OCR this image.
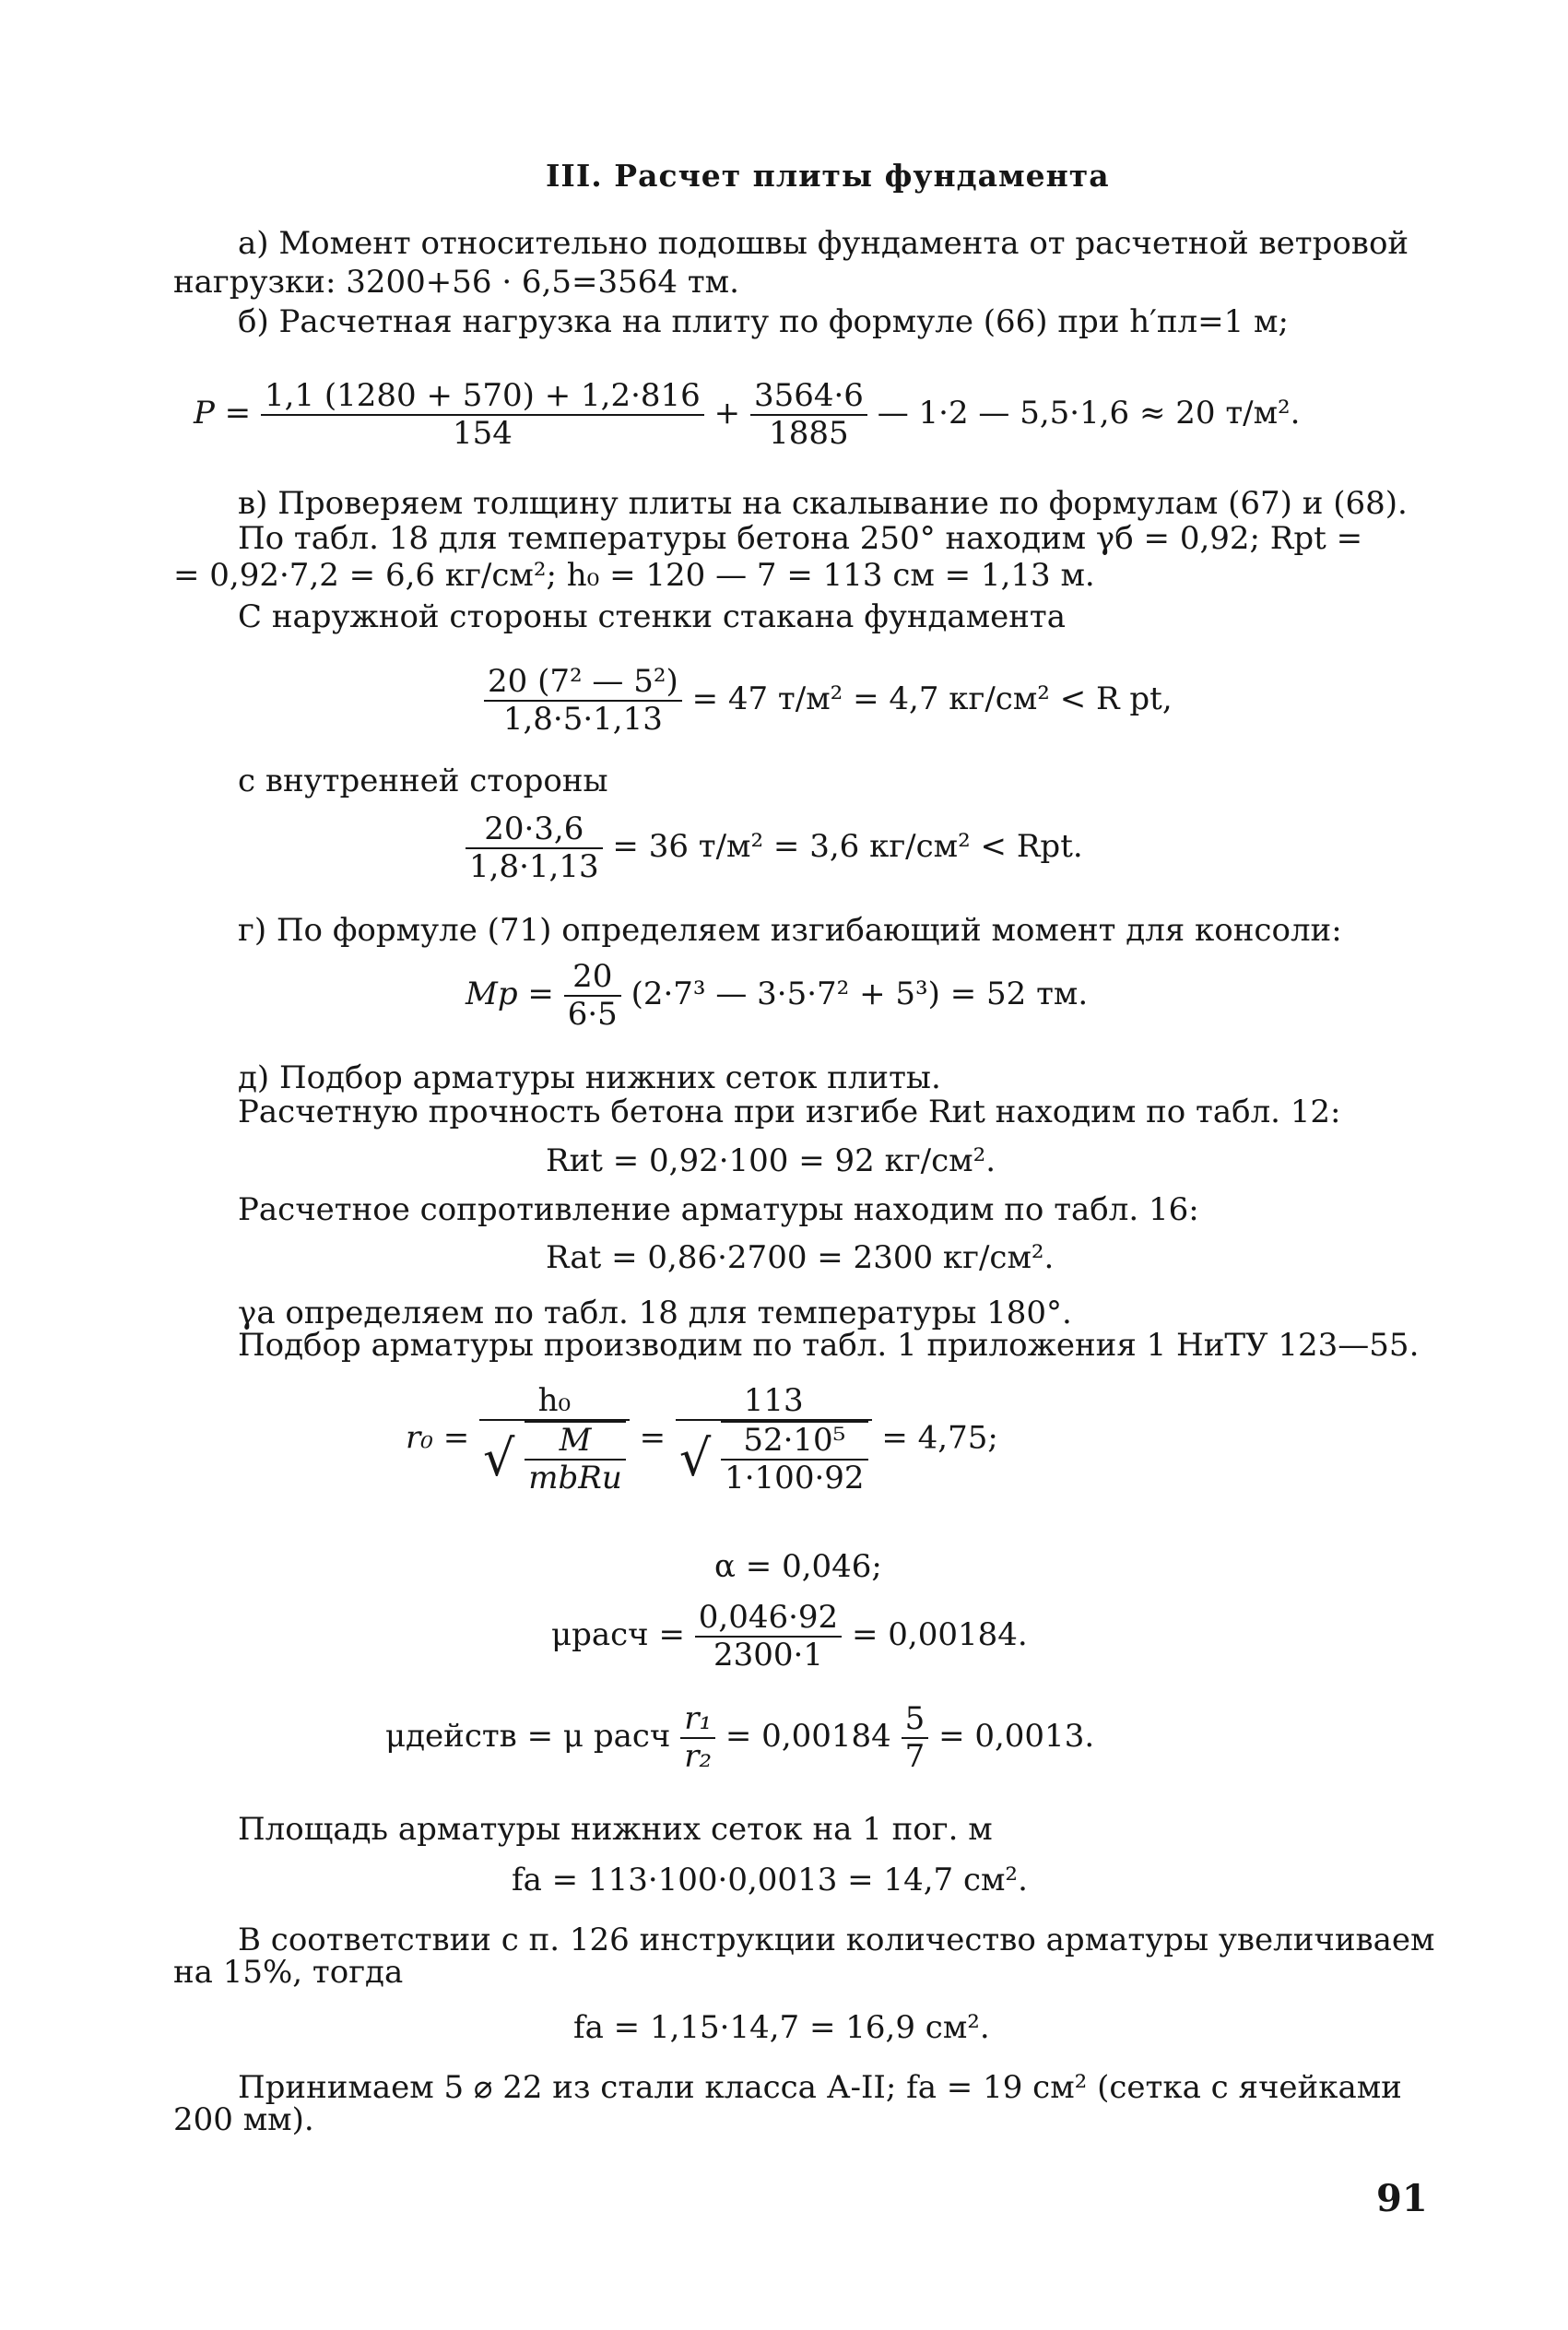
III. Расчет плиты фундамента
а) Момент относительно подошвы фундамента от расчетной ветровой
нагрузки: 3200+56 · 6,5=3564 тм.
б) Расчетная нагрузка на плиту по формуле (66) при h′пл=1 м;
$P = \frac{1,1 (1280 + 570) + 1,2\cdot 816}{154} + \frac{3564\cdot 6}{1885}$ — 1·2 — 5,5·1,6 ≈ 20 т/м².
в) Проверяем толщину плиты на скалывание по формулам (67) и (68).
По табл. 18 для температуры бетона 250° находим γб = 0,92; Rpt =
= 0,92·7,2 = 6,6 кг/см²; h₀ = 120 — 7 = 113 см = 1,13 м.
С наружной стороны стенки стакана фундамента
$\frac{\text{20 (7² — 5²)}}{1,8\cdot 5\cdot 1,13} = 47$ т/м² = 4,7 кг/см² < R pt,
с внутренней стороны
$\frac{20\cdot 3,6}{1,8\cdot 1,13} = 36$ т/м² = 3,6 кг/см² < Rpt.
г) По формуле (71) определяем изгибающий момент для консоли:
$Mp = \frac{20}{6\cdot 5} (2\cdot 7^3$ — 3·5·7² + 5³) = 52 тм.
д) Подбор арматуры нижних сеток плиты.
Расчетную прочность бетона при изгибе Rиt находим по табл. 12:
Rиt = 0,92·100 = 92 кг/см².
Расчетное сопротивление арматуры находим по табл. 16:
Rat = 0,86·2700 = 2300 кг/см².
γа определяем по табл. 18 для температуры 180°.
Подбор арматуры производим по табл. 1 приложения 1 НиТУ 123—55.
$r_0 = \frac{\text{h₀}}{√ \frac{M}{\text{mbRи}}} = \frac{113}{√ \frac{\text{52·10⁵}}{1\cdot 100\cdot 92}} = 4,75$;
α = 0,046;
μрасч = $\frac{0,046\cdot 92}{2300\cdot 1} = 0,00184$.
μдейств = μ расч $\frac{\text{r₁}}{\text{r₂}} = 0,00184 \frac{5}{7} = 0,0013$.
Площадь арматуры нижних сеток на 1 пог. м
fа = 113·100·0,0013 = 14,7 см².
В соответствии с п. 126 инструкции количество арматуры увеличиваем
на 15%, тогда
fа = 1,15·14,7 = 16,9 см².
Принимаем 5 ⌀ 22 из стали класса А-II; fа = 19 см² (сетка с ячейками
200 мм).
91
